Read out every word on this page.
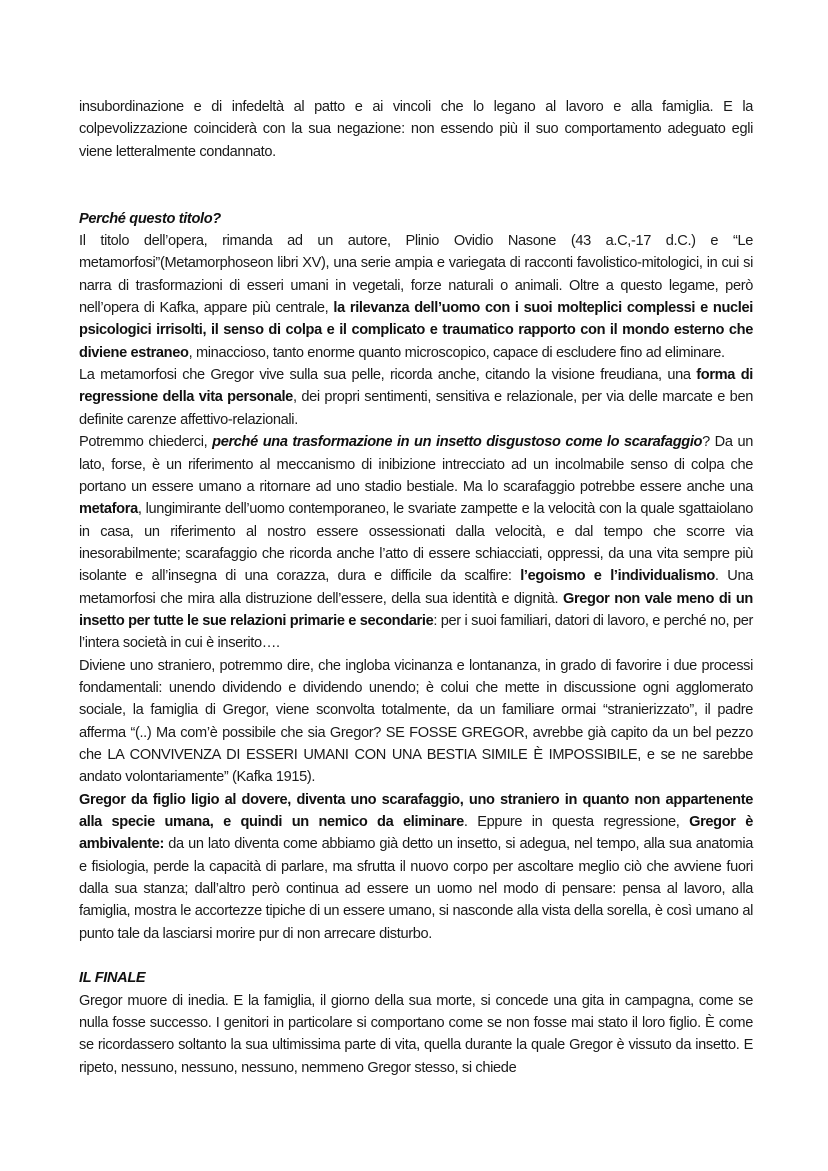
insubordinazione e di infedeltà al patto e ai vincoli che lo legano al lavoro e alla famiglia. E la colpevolizzazione coinciderà con la sua negazione: non essendo più il suo comportamento adeguato egli viene letteralmente condannato.

Perché questo titolo?

Il titolo dell’opera, rimanda ad un autore, Plinio Ovidio Nasone (43 a.C,-17 d.C.) e “Le metamorfosi”(Metamorphoseon libri XV), una serie ampia e variegata di racconti favolistico-mitologici, in cui si narra di trasformazioni di esseri umani in vegetali, forze naturali o animali. Oltre a questo legame, però nell’opera di Kafka, appare più centrale, la rilevanza dell’uomo con i suoi molteplici complessi e nuclei psicologici irrisolti, il senso di colpa e il complicato e traumatico rapporto con il mondo esterno che diviene estraneo, minaccioso, tanto enorme quanto microscopico, capace di escludere fino ad eliminare.

La metamorfosi che Gregor vive sulla sua pelle, ricorda anche, citando la visione freudiana, una forma di regressione della vita personale, dei propri sentimenti, sensitiva e relazionale, per via delle marcate e ben definite carenze affettivo-relazionali.

Potremmo chiederci, perché una trasformazione in un insetto disgustoso come lo scarafaggio? Da un lato, forse, è un riferimento al meccanismo di inibizione intrecciato ad un incolmabile senso di colpa che portano un essere umano a ritornare ad uno stadio bestiale. Ma lo scarafaggio potrebbe essere anche una metafora, lungimirante dell’uomo contemporaneo, le svariate zampette e la velocità con la quale sgattaiolano in casa, un riferimento al nostro essere ossessionati dalla velocità, e dal tempo che scorre via inesorabilmente; scarafaggio che ricorda anche l’atto di essere schiacciati, oppressi, da una vita sempre più isolante e all’insegna di una corazza, dura e difficile da scalfire: l’egoismo e l’individualismo. Una metamorfosi che mira alla distruzione dell’essere, della sua identità e dignità. Gregor non vale meno di un insetto per tutte le sue relazioni primarie e secondarie: per i suoi familiari, datori di lavoro, e perché no, per l’intera società in cui è inserito….

Diviene uno straniero, potremmo dire, che ingloba vicinanza e lontananza, in grado di favorire i due processi fondamentali: unendo dividendo e dividendo unendo; è colui che mette in discussione ogni agglomerato sociale, la famiglia di Gregor, viene sconvolta totalmente, da un familiare ormai “stranierizzato”, il padre afferma “(..) Ma com’è possibile che sia Gregor? SE FOSSE GREGOR, avrebbe già capito da un bel pezzo che LA CONVIVENZA DI ESSERI UMANI CON UNA BESTIA SIMILE È IMPOSSIBILE, e se ne sarebbe andato volontariamente” (Kafka 1915).

Gregor da figlio ligio al dovere, diventa uno scarafaggio, uno straniero in quanto non appartenente alla specie umana, e quindi un nemico da eliminare. Eppure in questa regressione, Gregor è ambivalente: da un lato diventa come abbiamo già detto un insetto, si adegua, nel tempo, alla sua anatomia e fisiologia, perde la capacità di parlare, ma sfrutta il nuovo corpo per ascoltare meglio ciò che avviene fuori dalla sua stanza; dall’altro però continua ad essere un uomo nel modo di pensare: pensa al lavoro, alla famiglia, mostra le accortezze tipiche di un essere umano, si nasconde alla vista della sorella, è così umano al punto tale da lasciarsi morire pur di non arrecare disturbo.

IL FINALE

Gregor muore di inedia. E la famiglia, il giorno della sua morte, si concede una gita in campagna, come se nulla fosse successo. I genitori in particolare si comportano come se non fosse mai stato il loro figlio. È come se ricordassero soltanto la sua ultimissima parte di vita, quella durante la quale Gregor è vissuto da insetto. E ripeto, nessuno, nessuno, nessuno, nemmeno Gregor stesso, si chiede
